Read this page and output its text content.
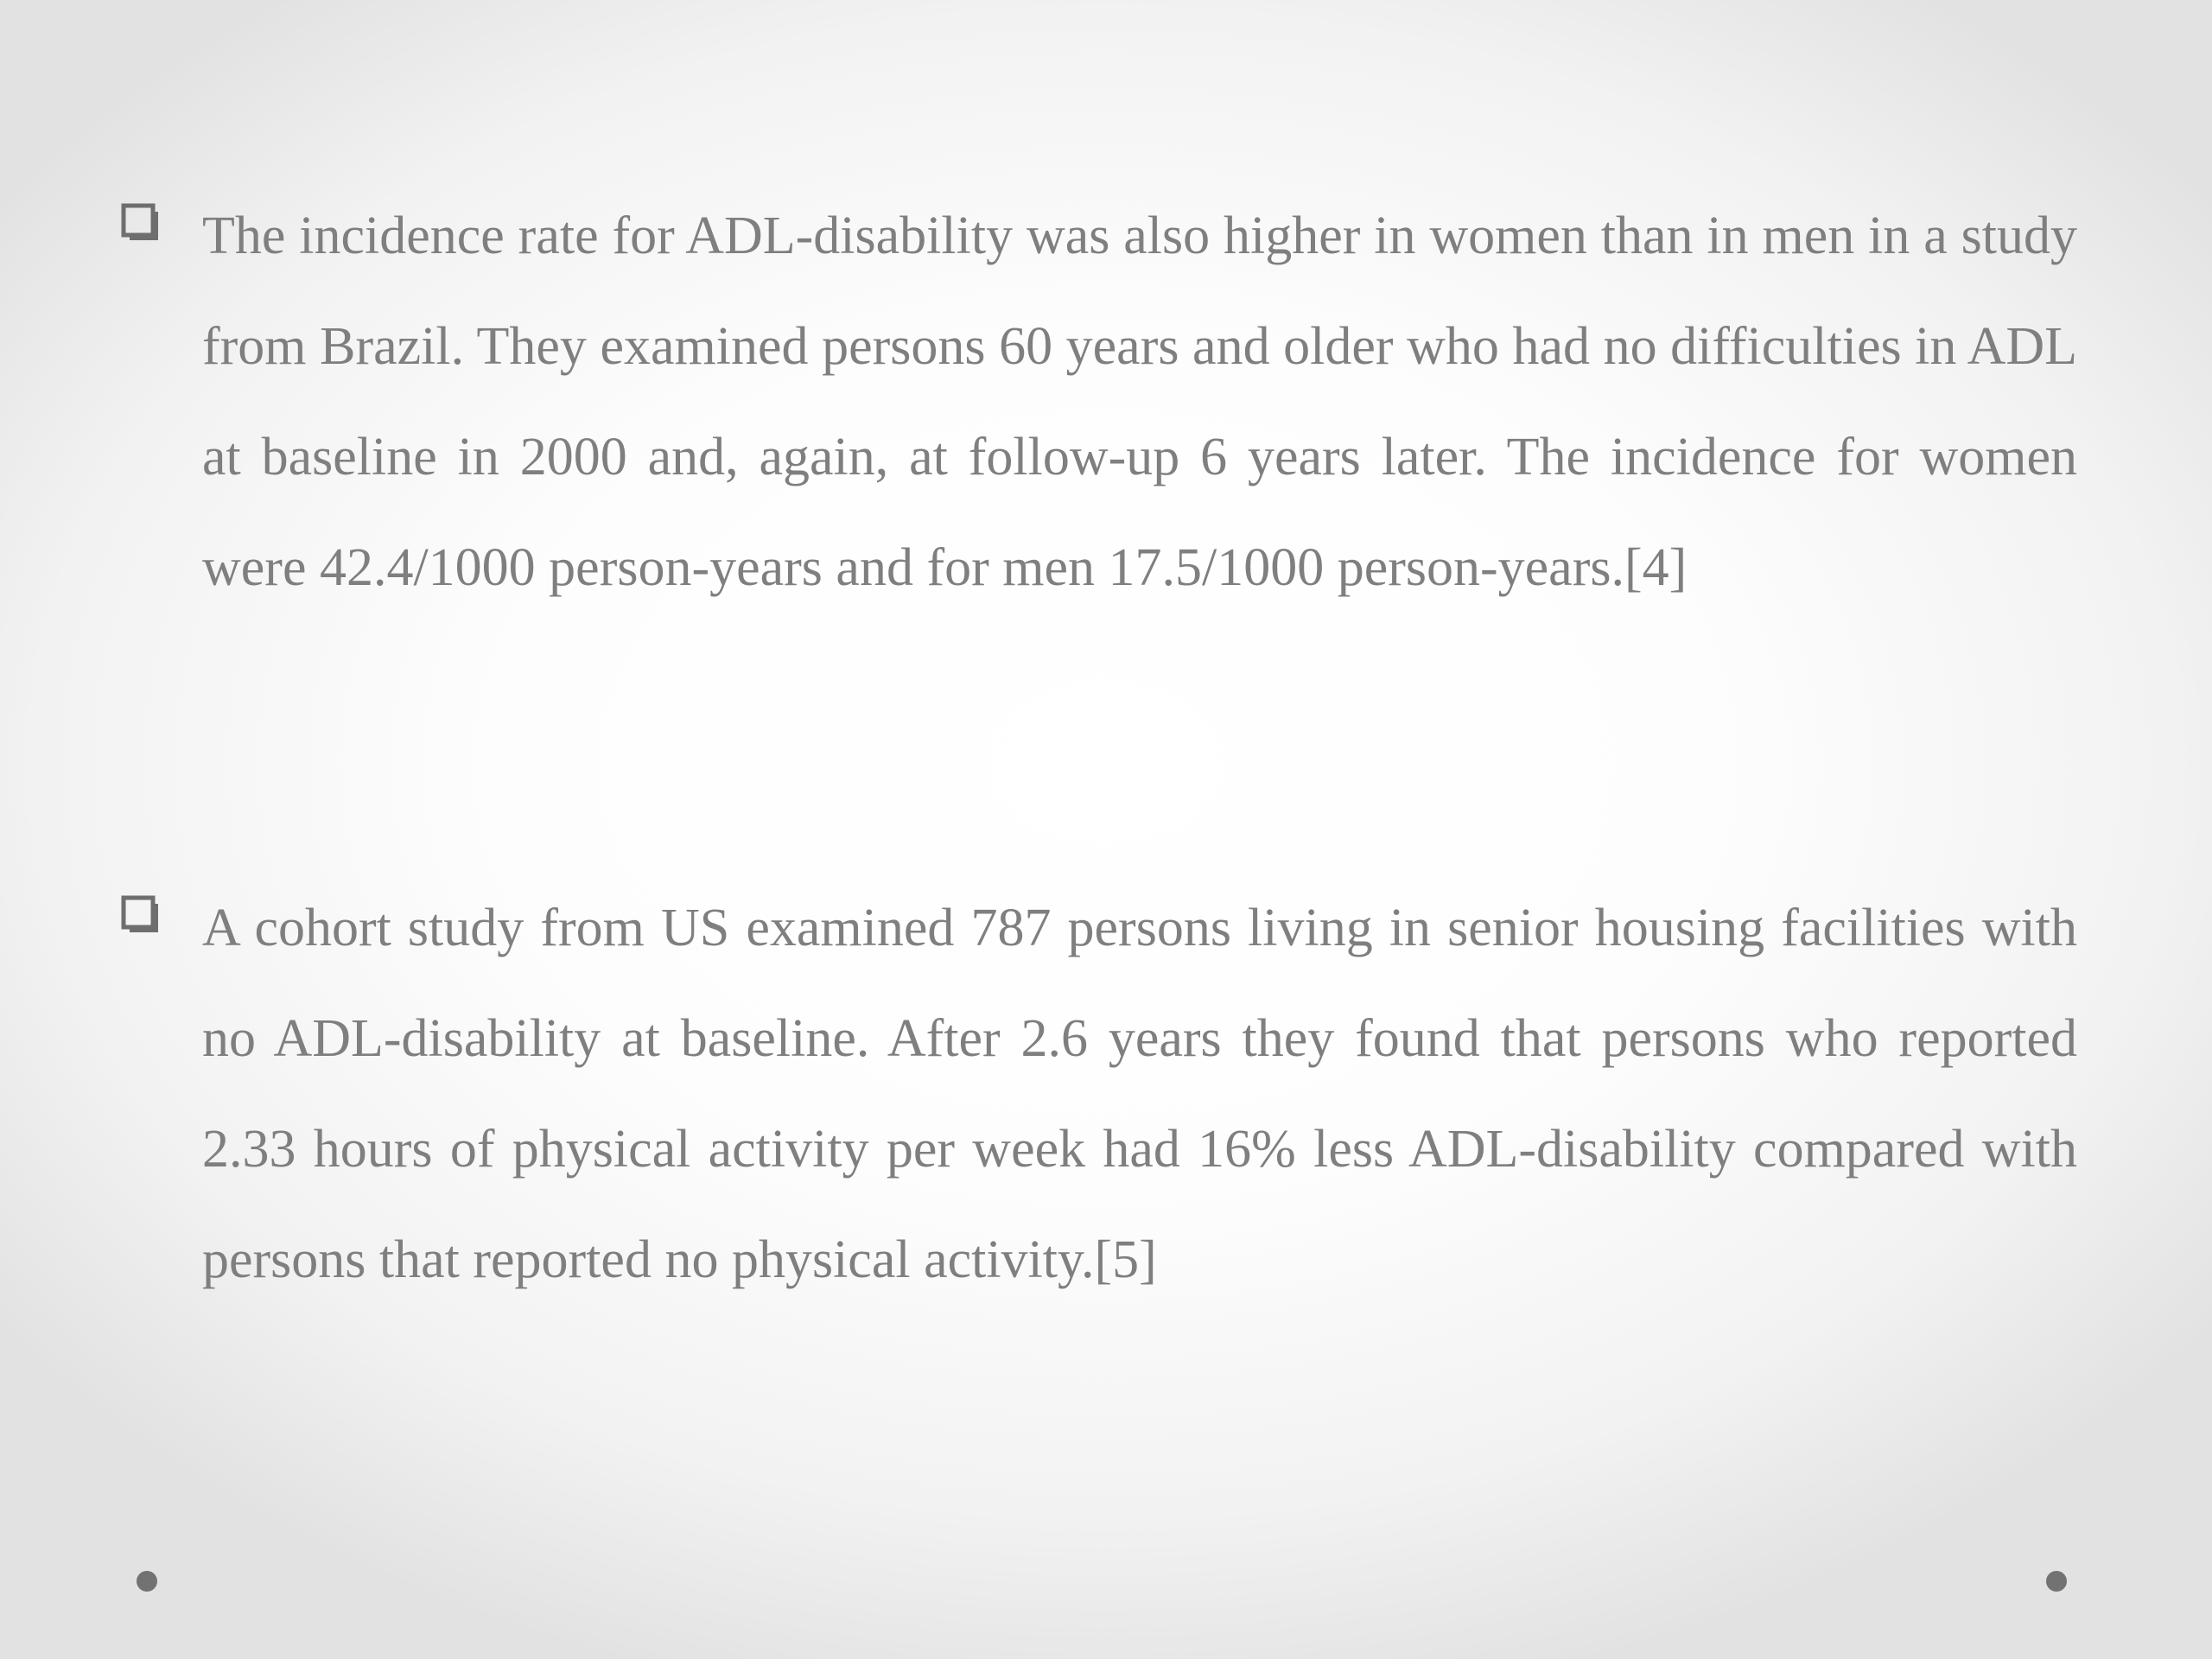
The incidence rate for ADL-disability was also higher in women than in men in a study from Brazil. They examined persons 60 years and older who had no difficulties in ADL at baseline in 2000 and, again, at follow-up 6 years later. The incidence for women were 42.4/1000 person-years and for men 17.5/1000 person-years.[4]

A cohort study from US examined 787 persons living in senior housing facilities with no ADL-disability at baseline. After 2.6 years they found that persons who reported 2.33 hours of physical activity per week had 16% less ADL-disability compared with persons that reported no physical activity.[5]
